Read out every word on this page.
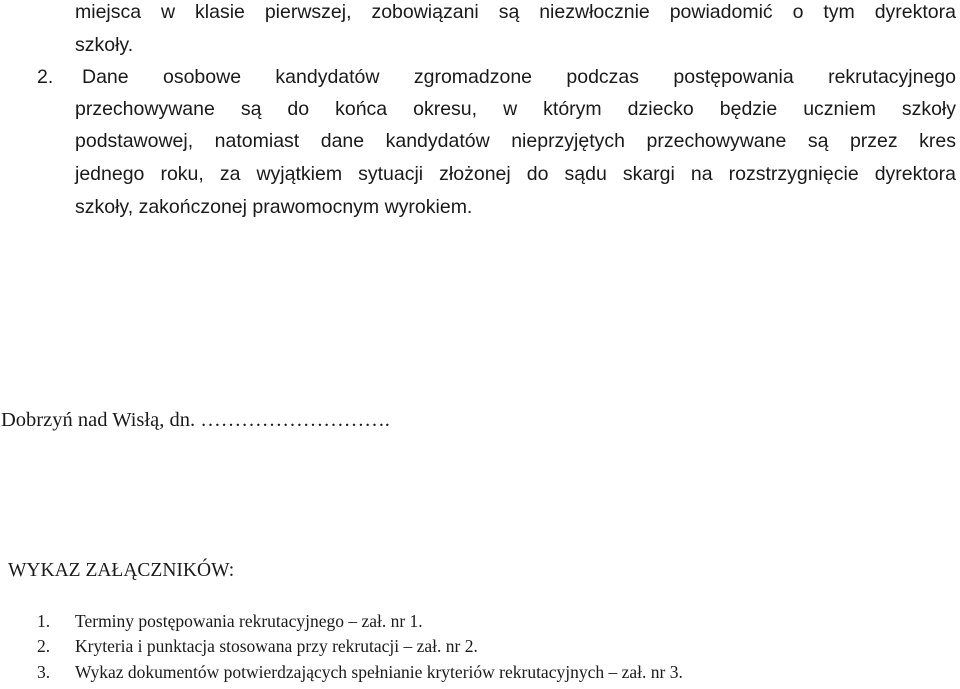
miejsca w klasie pierwszej, zobowiązani są niezwłocznie powiadomić o tym dyrektora
szkoły.
2. Dane osobowe kandydatów zgromadzone podczas postępowania rekrutacyjnego
przechowywane są do końca okresu, w którym dziecko będzie uczniem szkoły
podstawowej, natomiast dane kandydatów nieprzyjętych przechowywane są przez kres
jednego roku, za wyjątkiem sytuacji złożonej do sądu skargi na rozstrzygnięcie dyrektora
szkoły, zakończonej prawomocnym wyrokiem.
Dobrzyń nad Wisłą, dn. ……………………….
WYKAZ ZAŁĄCZNIKÓW:
1. Terminy postępowania rekrutacyjnego – zał. nr 1.
2. Kryteria i punktacja stosowana przy rekrutacji – zał. nr 2.
3. Wykaz dokumentów potwierdzających spełnianie kryteriów rekrutacyjnych – zał. nr 3.
